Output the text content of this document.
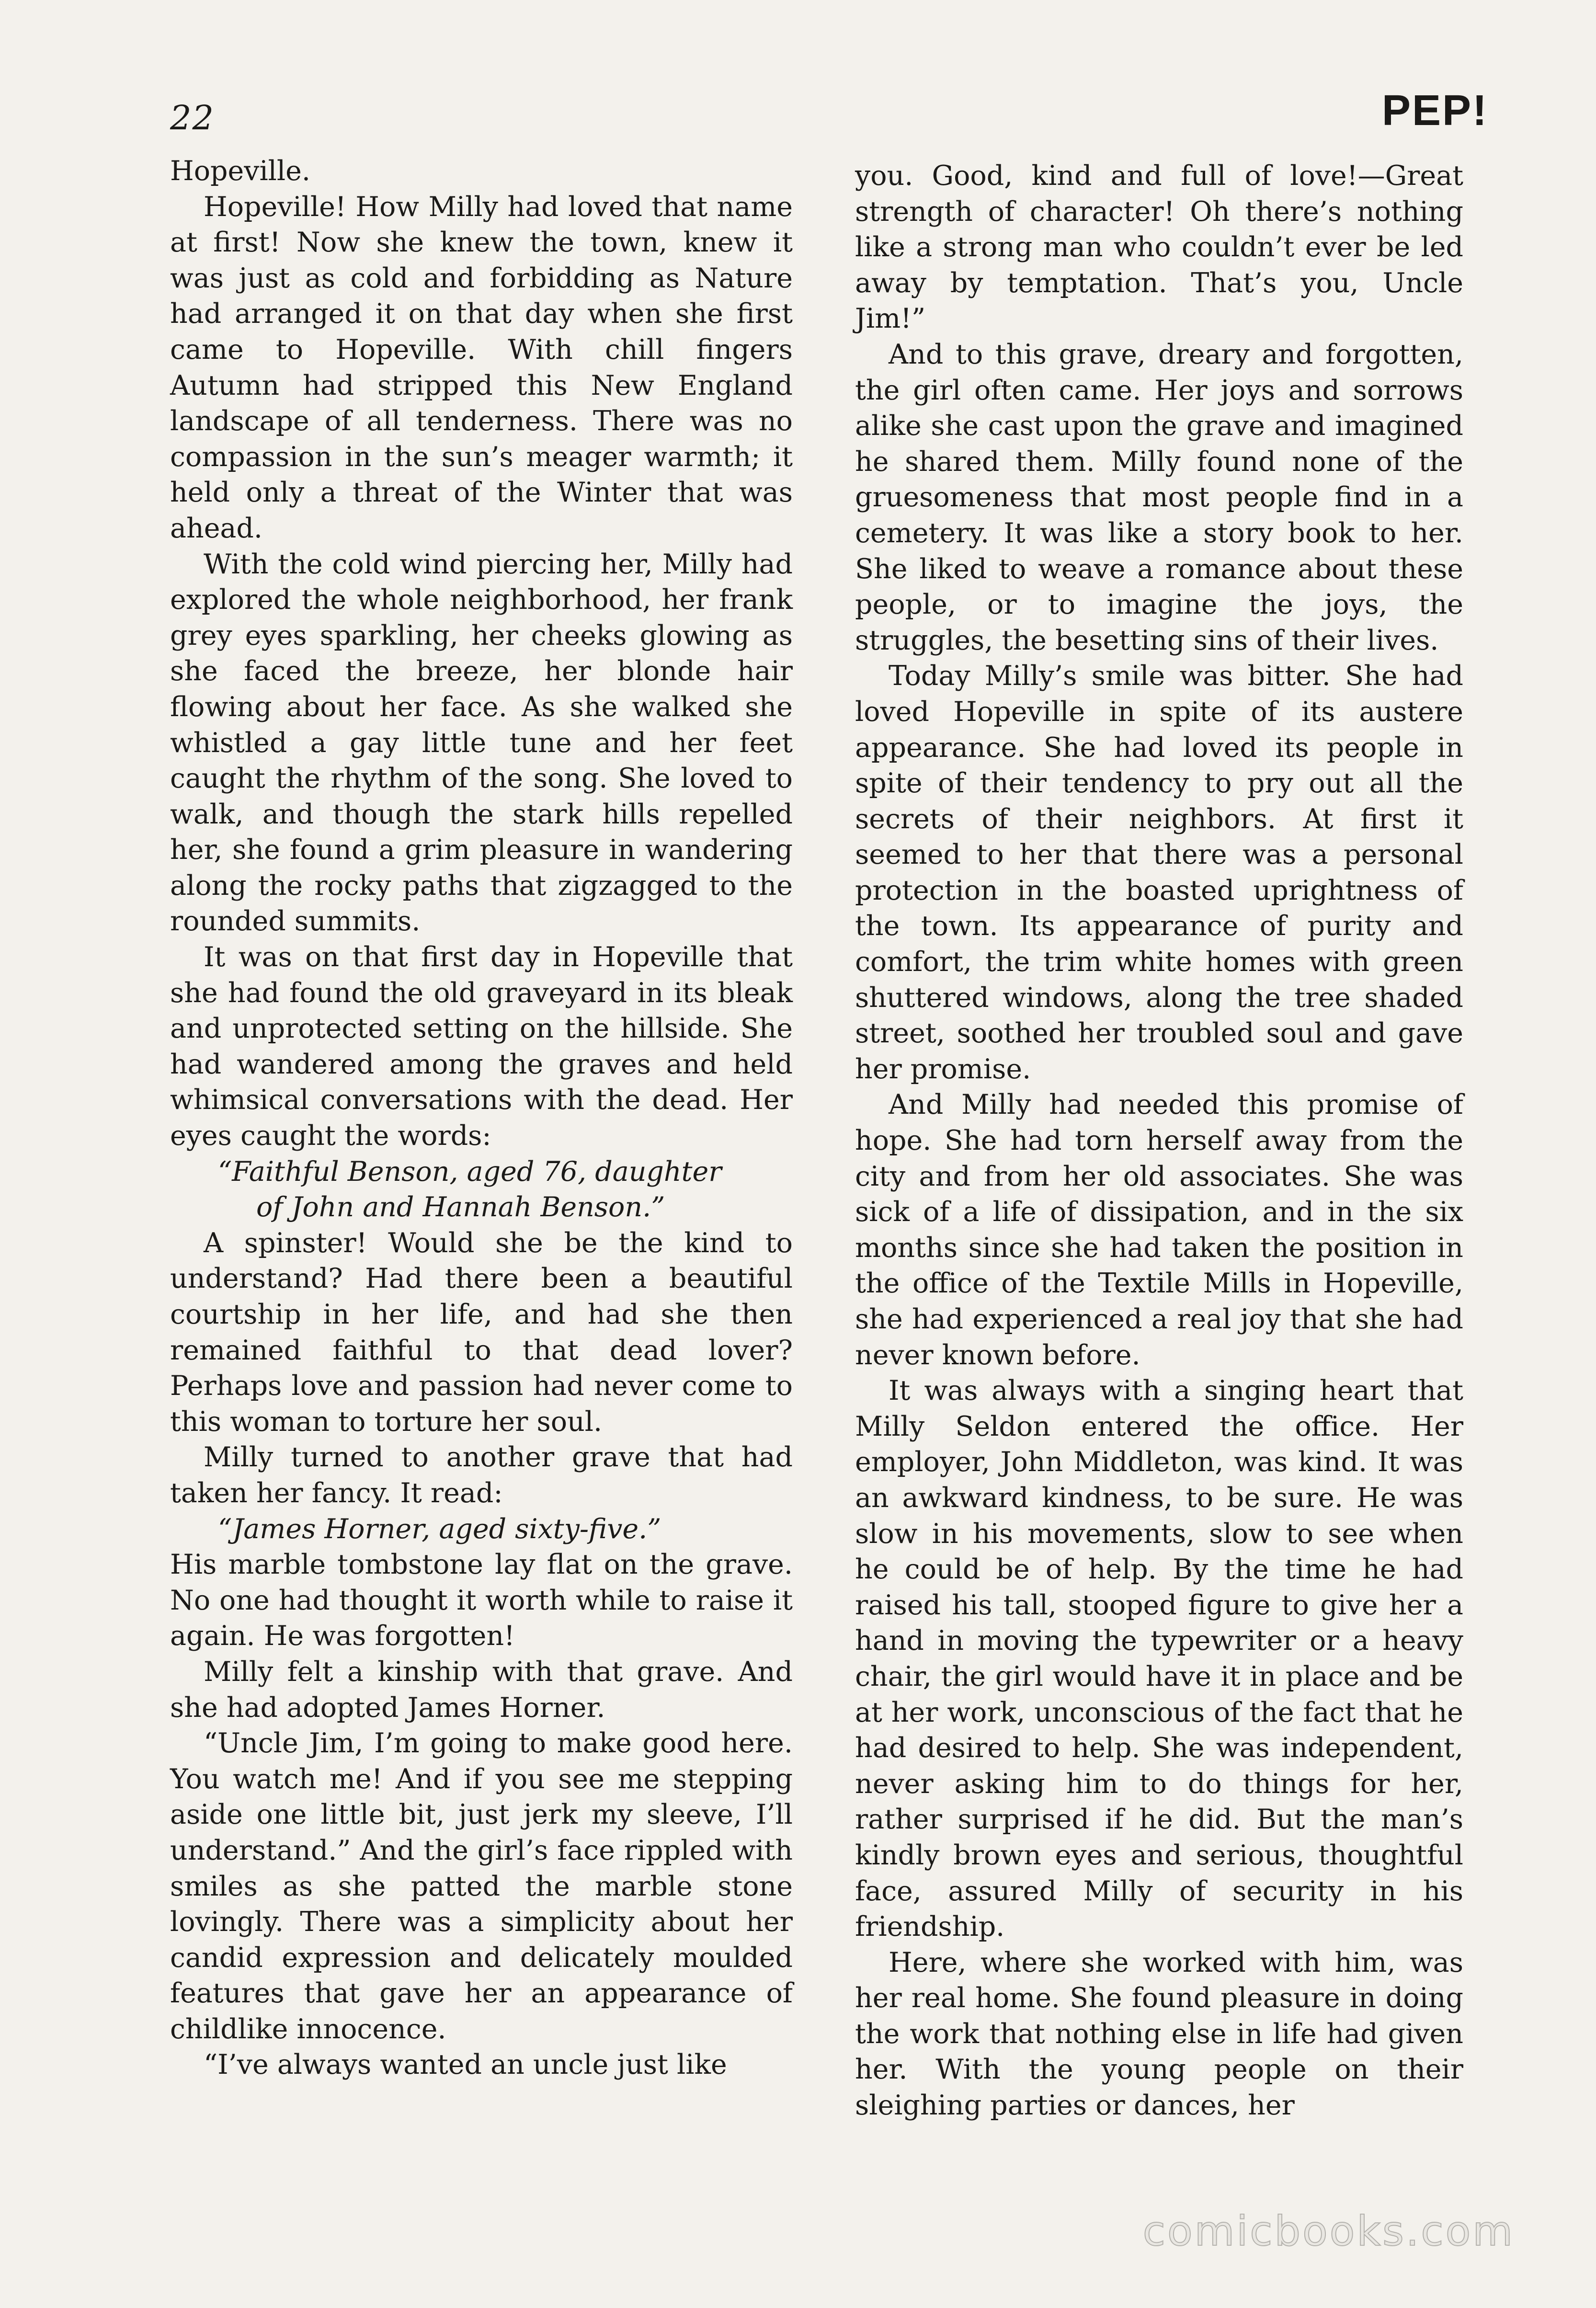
22	PEP!

Hopeville.

Hopeville! How Milly had loved that name at first! Now she knew the town, knew it was just as cold and forbidding as Nature had arranged it on that day when she first came to Hopeville. With chill fingers Autumn had stripped this New England landscape of all tenderness. There was no compassion in the sun’s meager warmth; it held only a threat of the Winter that was ahead.

With the cold wind piercing her, Milly had explored the whole neighborhood, her frank grey eyes sparkling, her cheeks glowing as she faced the breeze, her blonde hair flowing about her face. As she walked she whistled a gay little tune and her feet caught the rhythm of the song. She loved to walk, and though the stark hills repelled her, she found a grim pleasure in wandering along the rocky paths that zigzagged to the rounded summits.

It was on that first day in Hopeville that she had found the old graveyard in its bleak and unprotected setting on the hillside. She had wandered among the graves and held whimsical conversations with the dead. Her eyes caught the words:

“Faithful Benson, aged 76, daughter

of John and Hannah Benson.”

A spinster! Would she be the kind to understand? Had there been a beautiful courtship in her life, and had she then remained faithful to that dead lover? Perhaps love and passion had never come to this woman to torture her soul.

Milly turned to another grave that had taken her fancy. It read:

“James Horner, aged sixty-five.”

His marble tombstone lay flat on the grave. No one had thought it worth while to raise it again. He was forgotten!

Milly felt a kinship with that grave. And she had adopted James Horner.

“Uncle Jim, I’m going to make good here. You watch me! And if you see me stepping aside one little bit, just jerk my sleeve, I’ll understand.” And the girl’s face rippled with smiles as she patted the marble stone lovingly. There was a simplicity about her candid expression and delicately moulded features that gave her an appearance of childlike innocence.

“I’ve always wanted an uncle just like

you. Good, kind and full of love!—Great strength of character! Oh there’s nothing like a strong man who couldn’t ever be led away by temptation. That’s you, Uncle Jim!”

And to this grave, dreary and forgotten, the girl often came. Her joys and sorrows alike she cast upon the grave and imagined he shared them. Milly found none of the gruesomeness that most people find in a cemetery. It was like a story book to her. She liked to weave a romance about these people, or to imagine the joys, the struggles, the besetting sins of their lives.

Today Milly’s smile was bitter. She had loved Hopeville in spite of its austere appearance. She had loved its people in spite of their tendency to pry out all the secrets of their neighbors. At first it seemed to her that there was a personal protection in the boasted uprightness of the town. Its appearance of purity and comfort, the trim white homes with green shuttered windows, along the tree shaded street, soothed her troubled soul and gave her promise.

And Milly had needed this promise of hope. She had torn herself away from the city and from her old associates. She was sick of a life of dissipation, and in the six months since she had taken the position in the office of the Textile Mills in Hopeville, she had experienced a real joy that she had never known before.

It was always with a singing heart that Milly Seldon entered the office. Her employer, John Middleton, was kind. It was an awkward kindness, to be sure. He was slow in his movements, slow to see when he could be of help. By the time he had raised his tall, stooped figure to give her a hand in moving the typewriter or a heavy chair, the girl would have it in place and be at her work, unconscious of the fact that he had desired to help. She was independent, never asking him to do things for her, rather surprised if he did. But the man’s kindly brown eyes and serious, thoughtful face, assured Milly of security in his friendship.

Here, where she worked with him, was her real home. She found pleasure in doing the work that nothing else in life had given her. With the young people on their sleighing parties or dances, her

comicbooks.com
